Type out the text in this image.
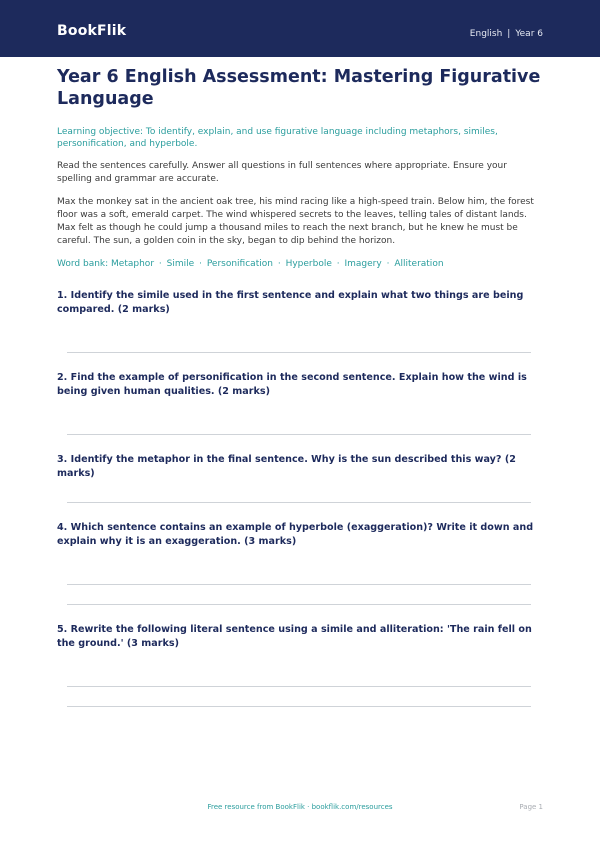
BookFlik	English | Year 6
Year 6 English Assessment: Mastering Figurative Language

Learning objective: To identify, explain, and use figurative language including metaphors, similes, personification, and hyperbole.

Read the sentences carefully. Answer all questions in full sentences where appropriate. Ensure your spelling and grammar are accurate.

Max the monkey sat in the ancient oak tree, his mind racing like a high-speed train. Below him, the forest floor was a soft, emerald carpet. The wind whispered secrets to the leaves, telling tales of distant lands. Max felt as though he could jump a thousand miles to reach the next branch, but he knew he must be careful. The sun, a golden coin in the sky, began to dip behind the horizon.

Word bank: Metaphor · Simile · Personification · Hyperbole · Imagery · Alliteration

1. Identify the simile used in the first sentence and explain what two things are being compared. (2 marks)

2. Find the example of personification in the second sentence. Explain how the wind is being given human qualities. (2 marks)

3. Identify the metaphor in the final sentence. Why is the sun described this way? (2 marks)

4. Which sentence contains an example of hyperbole (exaggeration)? Write it down and explain why it is an exaggeration. (3 marks)

5. Rewrite the following literal sentence using a simile and alliteration: 'The rain fell on the ground.' (3 marks)

Free resource from BookFlik · bookflik.com/resources	Page 1
